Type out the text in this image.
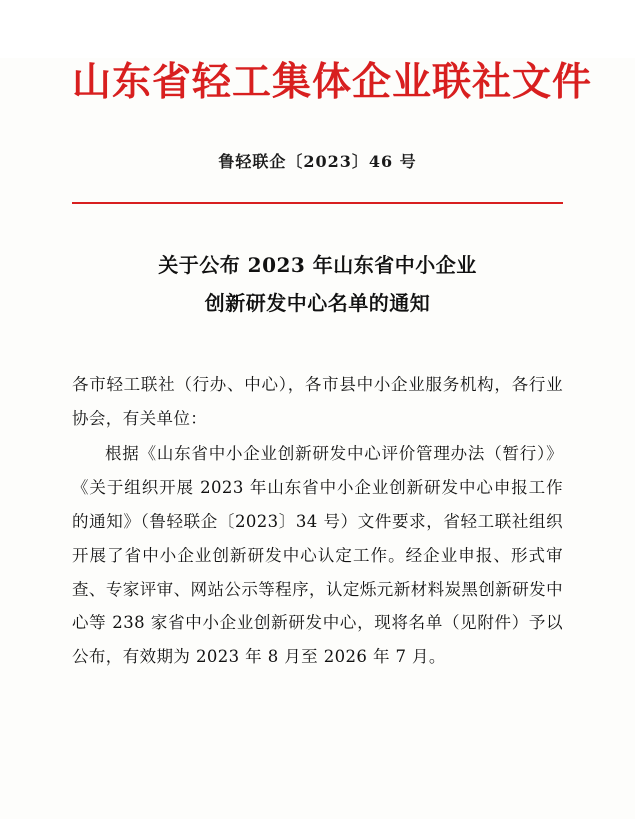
山东省轻工集体企业联社文件
鲁轻联企〔2023〕46 号
关于公布 2023 年山东省中小企业
创新研发中心名单的通知

各市轻工联社（行办、中心），各市县中小企业服务机构，各行业协会，有关单位：

根据《山东省中小企业创新研发中心评价管理办法（暂行）》《关于组织开展 2023 年山东省中小企业创新研发中心申报工作的通知》（鲁轻联企〔2023〕34 号）文件要求，省轻工联社组织开展了省中小企业创新研发中心认定工作。经企业申报、形式审查、专家评审、网站公示等程序，认定烁元新材料炭黑创新研发中心等 238 家省中小企业创新研发中心，现将名单（见附件）予以公布，有效期为 2023 年 8 月至 2026 年 7 月。
